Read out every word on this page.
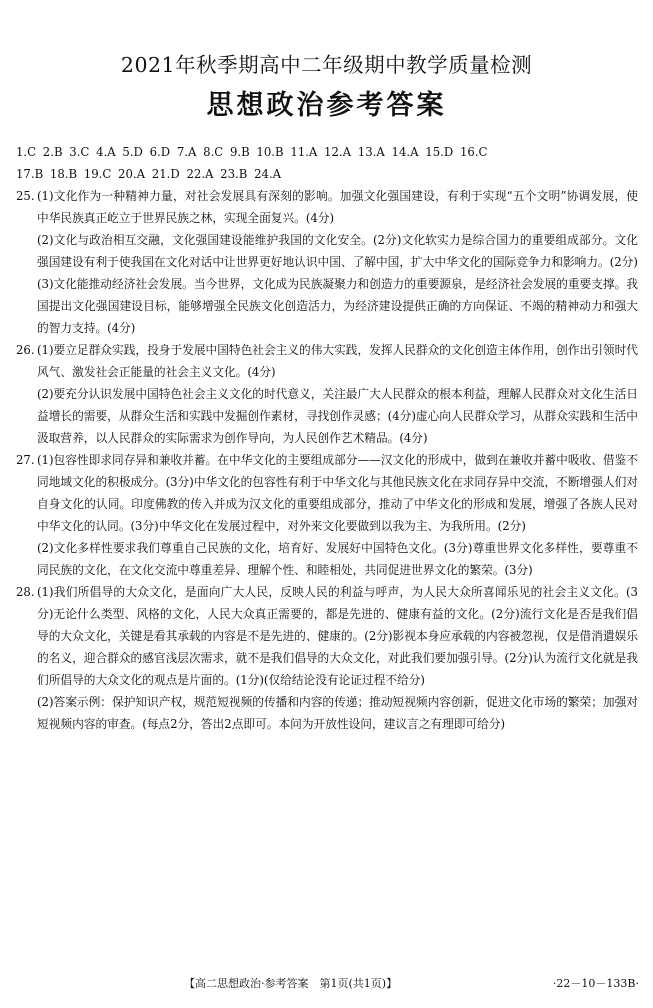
2021年秋季期高中二年级期中教学质量检测
思想政治参考答案
1.C 2.B 3.C 4.A 5.D 6.D 7.A 8.C 9.B 10.B 11.A 12.A 13.A 14.A 15.D 16.C
17.B 18.B 19.C 20.A 21.D 22.A 23.B 24.A
25. (1)文化作为一种精神力量，对社会发展具有深刻的影响。加强文化强国建设，有利于实现“五个文明”协调发展，使中华民族真正屹立于世界民族之林，实现全面复兴。(4分)
(2)文化与政治相互交融，文化强国建设能维护我国的文化安全。(2分)文化软实力是综合国力的重要组成部分。文化强国建设有利于使我国在文化对话中让世界更好地认识中国、了解中国，扩大中华文化的国际竞争力和影响力。(2分)
(3)文化能推动经济社会发展。当今世界，文化成为民族凝聚力和创造力的重要源泉，是经济社会发展的重要支撑。我国提出文化强国建设目标，能够增强全民族文化创造活力，为经济建设提供正确的方向保证、不竭的精神动力和强大的智力支持。(4分)
26. (1)要立足群众实践，投身于发展中国特色社会主义的伟大实践，发挥人民群众的文化创造主体作用，创作出引领时代风气、激发社会正能量的社会主义文化。(4分)
(2)要充分认识发展中国特色社会主义文化的时代意义，关注最广大人民群众的根本利益，理解人民群众对文化生活日益增长的需要，从群众生活和实践中发掘创作素材，寻找创作灵感；(4分)虚心向人民群众学习，从群众实践和生活中汲取营养，以人民群众的实际需求为创作导向，为人民创作艺术精品。(4分)
27. (1)包容性即求同存异和兼收并蓄。在中华文化的主要组成部分——汉文化的形成中，做到在兼收并蓄中吸收、借鉴不同地域文化的积极成分。(3分)中华文化的包容性有利于中华文化与其他民族文化在求同存异中交流，不断增强人们对自身文化的认同。印度佛教的传入并成为汉文化的重要组成部分，推动了中华文化的形成和发展，增强了各族人民对中华文化的认同。(3分)中华文化在发展过程中，对外来文化要做到以我为主、为我所用。(2分)
(2)文化多样性要求我们尊重自己民族的文化，培育好、发展好中国特色文化。(3分)尊重世界文化多样性，要尊重不同民族的文化，在文化交流中尊重差异、理解个性、和睦相处，共同促进世界文化的繁荣。(3分)
28. (1)我们所倡导的大众文化，是面向广大人民，反映人民的利益与呼声，为人民大众所喜闻乐见的社会主义文化。(3分)无论什么类型、风格的文化，人民大众真正需要的，都是先进的、健康有益的文化。(2分)流行文化是否是我们倡导的大众文化，关键是看其承载的内容是不是先进的、健康的。(2分)影视本身应承载的内容被忽视，仅是借消遣娱乐的名义，迎合群众的感官浅层次需求，就不是我们倡导的大众文化，对此我们要加强引导。(2分)认为流行文化就是我们所倡导的大众文化的观点是片面的。(1分)(仅给结论没有论证过程不给分)
(2)答案示例：保护知识产权，规范短视频的传播和内容的传递；推动短视频内容创新，促进文化市场的繁荣；加强对短视频内容的审查。(每点2分，答出2点即可。本问为开放性设问，建议言之有理即可给分)
【高二思想政治·参考答案　第1页(共1页)】	·22－10－133B·
